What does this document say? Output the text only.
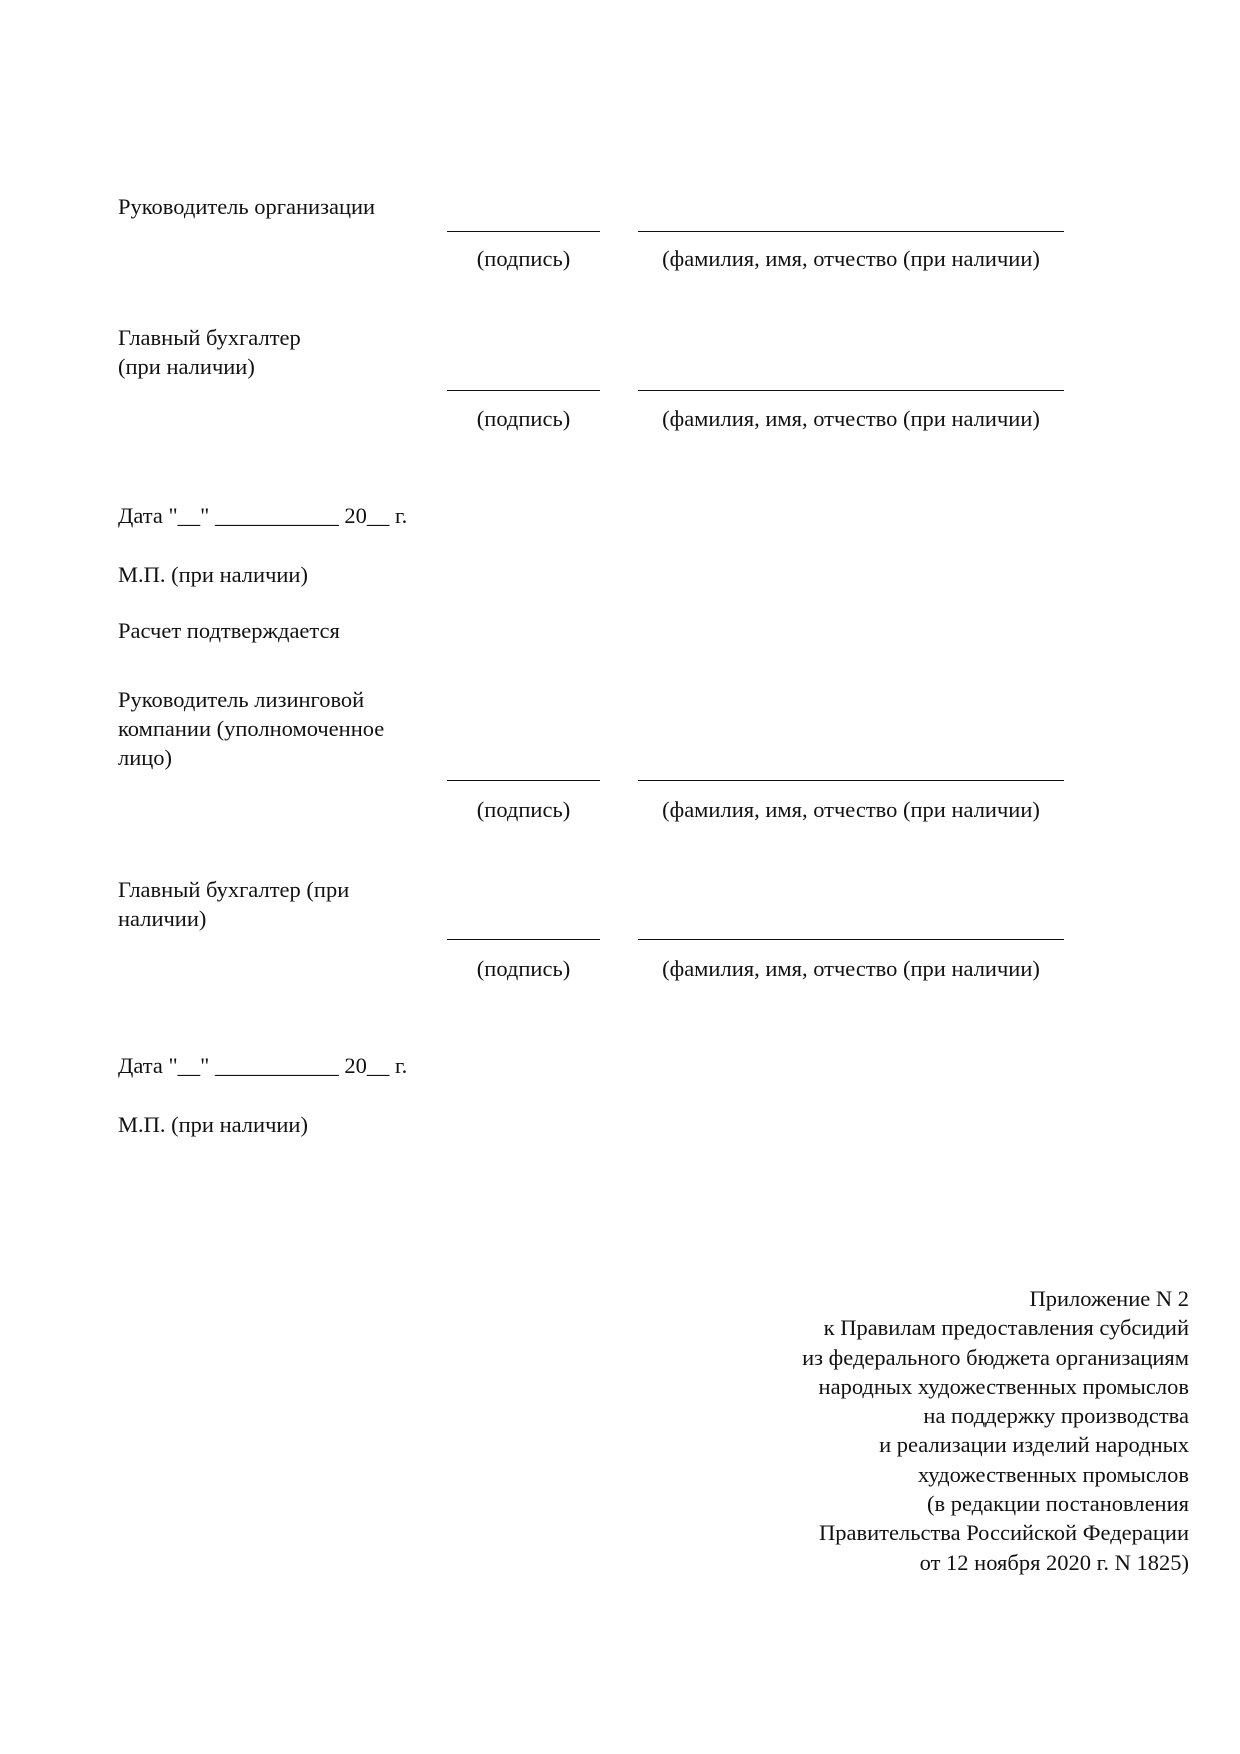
Руководитель организации
(подпись)	(фамилия, имя, отчество (при наличии)
Главный бухгалтер
(при наличии)
(подпись)	(фамилия, имя, отчество (при наличии)
Дата "__" ___________ 20__ г.
М.П. (при наличии)
Расчет подтверждается
Руководитель лизинговой
компании (уполномоченное
лицо)
(подпись)	(фамилия, имя, отчество (при наличии)
Главный бухгалтер (при
наличии)
(подпись)	(фамилия, имя, отчество (при наличии)
Дата "__" ___________ 20__ г.
М.П. (при наличии)
Приложение N 2
к Правилам предоставления субсидий
из федерального бюджета организациям
народных художественных промыслов
на поддержку производства
и реализации изделий народных
художественных промыслов
(в редакции постановления
Правительства Российской Федерации
от 12 ноября 2020 г. N 1825)
